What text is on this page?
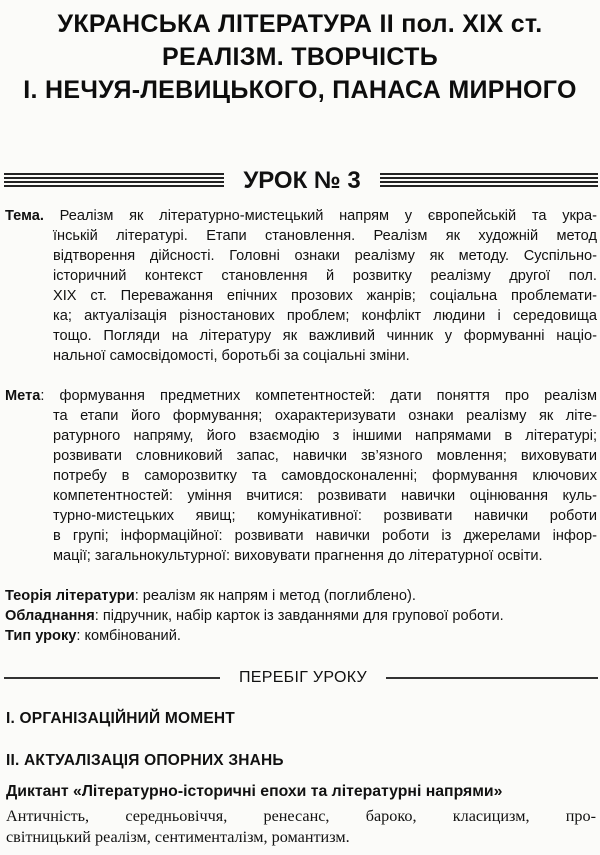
УКРАНСЬКА ЛІТЕРАТУРА ІІ пол. ХІХ ст.
РЕАЛІЗМ. ТВОРЧІСТЬ
І. НЕЧУЯ-ЛЕВИЦЬКОГО, ПАНАСА МИРНОГО
УРОК № 3
Тема. Реалізм як літературно-мистецький напрям у європейській та укра-
їнській літературі. Етапи становлення. Реалізм як художній метод
відтворення дійсності. Головні ознаки реалізму як методу. Суспільно-
історичний контекст становлення й розвитку реалізму другої пол.
XIX ст. Переважання епічних прозових жанрів; соціальна проблемати-
ка; актуалізація різностанових проблем; конфлікт людини і середовища
тощо. Погляди на літературу як важливий чинник у формуванні націо-
нальної самосвідомості, боротьбі за соціальні зміни.
Мета: формування предметних компетентностей: дати поняття про реалізм
та етапи його формування; охарактеризувати ознаки реалізму як літе-
ратурного напряму, його взаємодію з іншими напрямами в літературі;
розвивати словниковий запас, навички зв’язного мовлення; виховувати
потребу в саморозвитку та самовдосконаленні; формування ключових
компетентностей: уміння вчитися: розвивати навички оцінювання куль-
турно-мистецьких явищ; комунікативної: розвивати навички роботи
в групі; інформаційної: розвивати навички роботи із джерелами інфор-
мації; загальнокультурної: виховувати прагнення до літературної освіти.
Теорія літератури: реалізм як напрям і метод (поглиблено).
Обладнання: підручник, набір карток із завданнями для групової роботи.
Тип уроку: комбінований.
ПЕРЕБІГ УРОКУ
І. ОРГАНІЗАЦІЙНИЙ МОМЕНТ
ІІ. АКТУАЛІЗАЦІЯ ОПОРНИХ ЗНАНЬ
Диктант «Літературно-історичні епохи та літературні напрями»
Античність, середньовіччя, ренесанс, бароко, класицизм, про-
світницький реалізм, сентименталізм, романтизм.
